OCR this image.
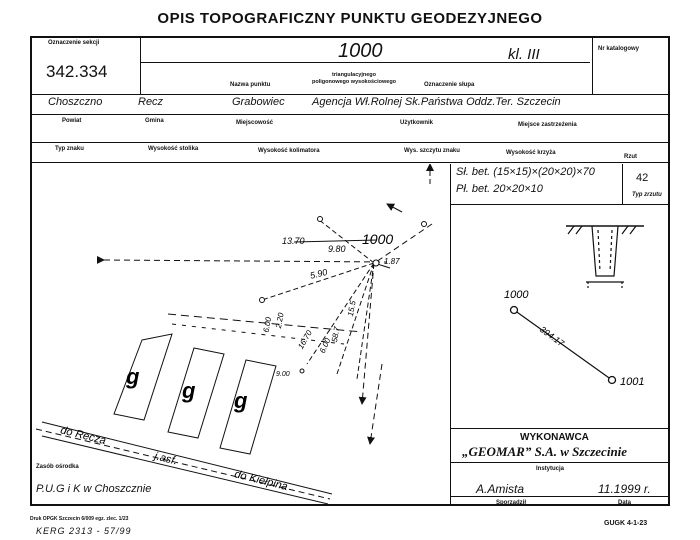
OPIS TOPOGRAFICZNY PUNKTU GEODEZYJNEGO
Oznaczenie sekcji
342.334
1000	kl. III	Nr katalogowy
Nazwa punktu
triangulacyjnego
poligonowego wysokościowego	Oznaczenie słupa
Choszczno	Recz	Grabowiec Agencja Wł.Rolnej Sk.Państwa Oddz.Ter. Szczecin
Powiat	Gmina	Miejscowość	Użytkownik	Miejsce zastrzeżenia
Typ znaku	Wysokość stolika	Wysokość kolimatora	Wys. szczytu znaku	Wysokość krzyża
Rzut
Sł. bet. (15×15)×(20×20)×70
Pł. bet. 20×20×10
42
Typ zrzutu
1000
1001
394.17
WYKONAWCA
„GEOMAR” S.A. w Szczecinie
Instytucja
A.Amista	11.1999 r.
Sporządził	Data
1000
13.70
9.80
5.90
1.87
6.00 2.20
16.70 6.00
15.5
58.7
9.00
g
g g
do Recza
j.asf.
do Kiełpina
Zasób ośrodka
P.U.G i K w Choszcznie
Druk OPGK Szczecin 6/009 egz. zlec. 1/23
KERG 2313 - 57/99
GUGK 4-1-23
